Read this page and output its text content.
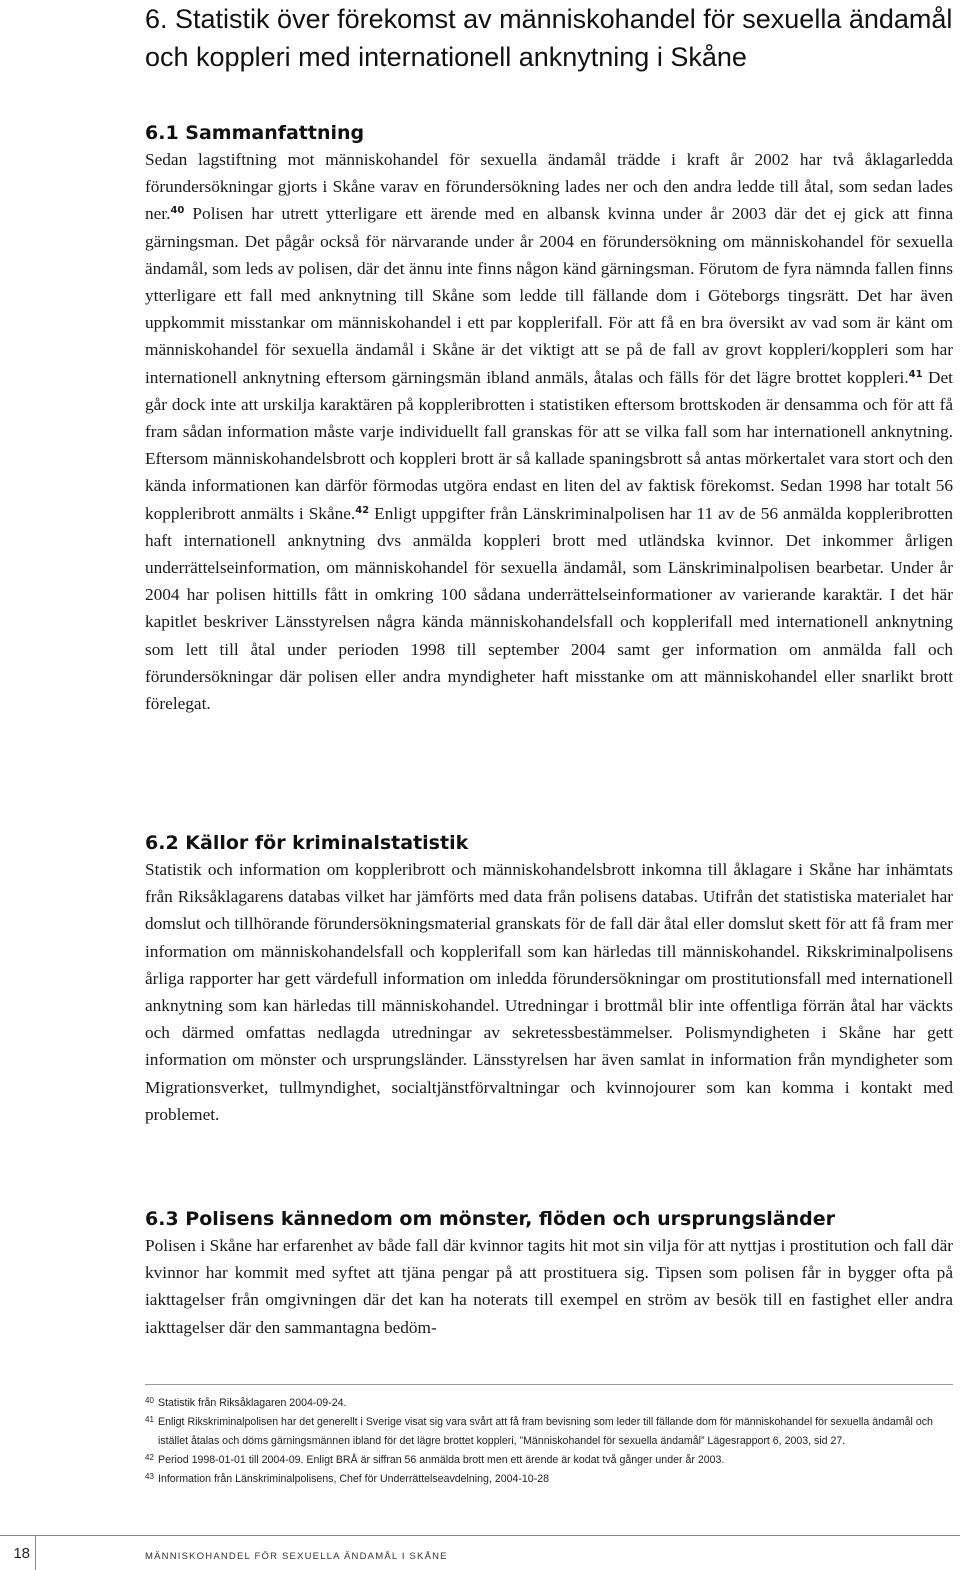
6. Statistik över förekomst av människohandel för sexuella ändamål
och koppleri med internationell anknytning i Skåne
6.1 Sammanfattning

Sedan lagstiftning mot människohandel för sexuella ändamål trädde i kraft år 2002 har två åklagarledda förundersökningar gjorts i Skåne varav en förundersökning lades ner och den andra ledde till åtal, som sedan lades ner.$^{40}$ Polisen har utrett ytterligare ett ärende med en albansk kvinna under år 2003 där det ej gick att finna gärningsman. Det pågår också för närvarande under år 2004 en förundersökning om människohandel för sexuella ändamål, som leds av polisen, där det ännu inte finns någon känd gärningsman. Förutom de fyra nämnda fallen finns ytterligare ett fall med anknytning till Skåne som ledde till fällande dom i Göteborgs tingsrätt. Det har även uppkommit misstankar om människohandel i ett par kopplerifall. För att få en bra översikt av vad som är känt om människohandel för sexuella ändamål i Skåne är det viktigt att se på de fall av grovt koppleri/koppleri som har internationell anknytning eftersom gärningsmän ibland anmäls, åtalas och fälls för det lägre brottet koppleri.$^{41}$ Det går dock inte att urskilja karaktären på koppleribrotten i statistiken eftersom brottskoden är densamma och för att få fram sådan information måste varje individuellt fall granskas för att se vilka fall som har internationell anknytning. Eftersom människohandelsbrott och koppleri brott är så kallade spaningsbrott så antas mörkertalet vara stort och den kända informationen kan därför förmodas utgöra endast en liten del av faktisk förekomst. Sedan 1998 har totalt 56 koppleribrott anmälts i Skåne.$^{42}$ Enligt uppgifter från Länskriminalpolisen har 11 av de 56 anmälda koppleribrotten haft internationell anknytning dvs anmälda koppleri brott med utländska kvinnor. Det inkommer årligen underrättelseinformation, om människohandel för sexuella ändamål, som Länskriminalpolisen bearbetar. Under år 2004 har polisen hittills fått in omkring 100 sådana underrättelseinformationer av varierande karaktär. I det här kapitlet beskriver Länsstyrelsen några kända människohandelsfall och kopplerifall med internationell anknytning som lett till åtal under perioden 1998 till september 2004 samt ger information om anmälda fall och förundersökningar där polisen eller andra myndigheter haft misstanke om att människohandel eller snarlikt brott förelegat.

6.2 Källor för kriminalstatistik

Statistik och information om koppleribrott och människohandelsbrott inkomna till åklagare i Skåne har inhämtats från Riksåklagarens databas vilket har jämförts med data från polisens databas. Utifrån det statistiska materialet har domslut och tillhörande förundersökningsmaterial granskats för de fall där åtal eller domslut skett för att få fram mer information om människohandelsfall och kopplerifall som kan härledas till människohandel. Rikskriminalpolisens årliga rapporter har gett värdefull information om inledda förundersökningar om prostitutionsfall med internationell anknytning som kan härledas till människohandel. Utredningar i brottmål blir inte offentliga förrän åtal har väckts och därmed omfattas nedlagda utredningar av sekretessbestämmelser. Polismyndigheten i Skåne har gett information om mönster och ursprungsländer. Länsstyrelsen har även samlat in information från myndigheter som Migrationsverket, tullmyndighet, socialtjänstförvaltningar och kvinnojourer som kan komma i kontakt med problemet.

6.3 Polisens kännedom om mönster, flöden och ursprungsländer

Polisen i Skåne har erfarenhet av både fall där kvinnor tagits hit mot sin vilja för att nyttjas i prostitution och fall där kvinnor har kommit med syftet att tjäna pengar på att prostituera sig. Tipsen som polisen får in bygger ofta på iakttagelser från omgivningen där det kan ha noterats till exempel en ström av besök till en fastighet eller andra iakttagelser där den sammantagna bedöm-

40 Statistik från Riksåklagaren 2004-09-24.
41 Enligt Rikskriminalpolisen har det generellt i Sverige visat sig vara svårt att få fram bevisning som leder till fällande dom för människohandel för sexuella ändamål och istället åtalas och döms gärningsmännen ibland för det lägre brottet koppleri, ”Människohandel för sexuella ändamål” Lägesrapport 6, 2003, sid 27.
42 Period 1998-01-01 till 2004-09. Enligt BRÅ är siffran 56 anmälda brott men ett ärende är kodat två gånger under år 2003.
43 Information från Länskriminalpolisens, Chef för Underrättelseavdelning, 2004-10-28
18	MÄNNISKOHANDEL FÖR SEXUELLA ÄNDAMÅL I SKÅNE
